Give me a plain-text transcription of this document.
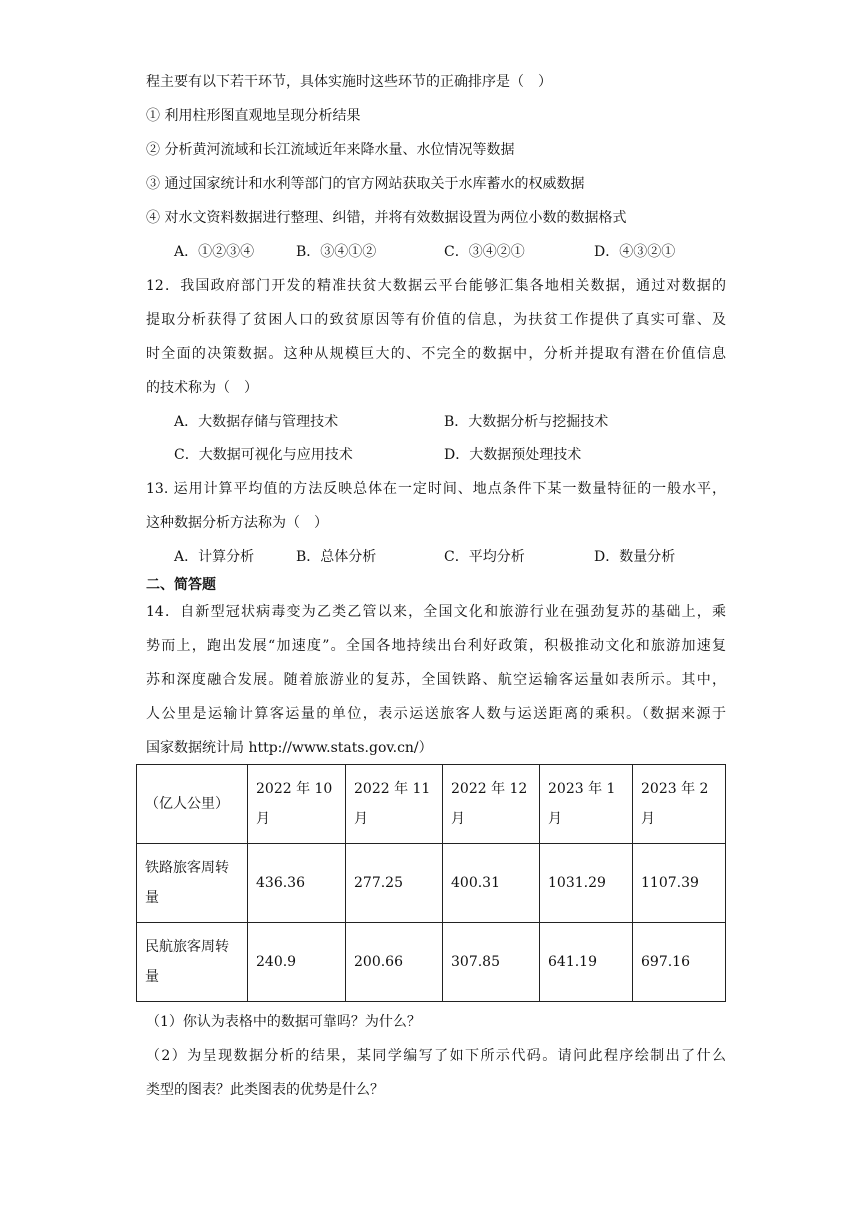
程主要有以下若干环节，具体实施时这些环节的正确排序是（　）
① 利用柱形图直观地呈现分析结果
② 分析黄河流域和长江流域近年来降水量、水位情况等数据
③ 通过国家统计和水利等部门的官方网站获取关于水库蓄水的权威数据
④ 对水文资料数据进行整理、纠错，并将有效数据设置为两位小数的数据格式
A．①②③④	B．③④①②	C．③④②①	D．④③②①
12．我国政府部门开发的精准扶贫大数据云平台能够汇集各地相关数据，通过对数据的
提取分析获得了贫困人口的致贫原因等有价值的信息，为扶贫工作提供了真实可靠、及
时全面的决策数据。这种从规模巨大的、不完全的数据中，分析并提取有潜在价值信息
的技术称为（　）
A．大数据存储与管理技术	B．大数据分析与挖掘技术
C．大数据可视化与应用技术	D．大数据预处理技术
13. 运用计算平均值的方法反映总体在一定时间、地点条件下某一数量特征的一般水平，
这种数据分析方法称为（　）
A．计算分析	B．总体分析	C．平均分析	D．数量分析
二、简答题
14．自新型冠状病毒变为乙类乙管以来，全国文化和旅游行业在强劲复苏的基础上，乘
势而上，跑出发展“加速度”。全国各地持续出台利好政策，积极推动文化和旅游加速复
苏和深度融合发展。随着旅游业的复苏，全国铁路、航空运输客运量如表所示。其中，
人公里是运输计算客运量的单位，表示运送旅客人数与运送距离的乘积。（数据来源于
国家数据统计局 http://www.stats.gov.cn/）
（亿人公里）	2022 年 10 月	2022 年 11 月	2022 年 12 月	2023 年 1 月	2023 年 2 月
铁路旅客周转量	436.36	277.25	400.31	1031.29	1107.39
民航旅客周转量	240.9	200.66	307.85	641.19	697.16
（1）你认为表格中的数据可靠吗？为什么？
（2）为呈现数据分析的结果，某同学编写了如下所示代码。请问此程序绘制出了什么
类型的图表？此类图表的优势是什么？
